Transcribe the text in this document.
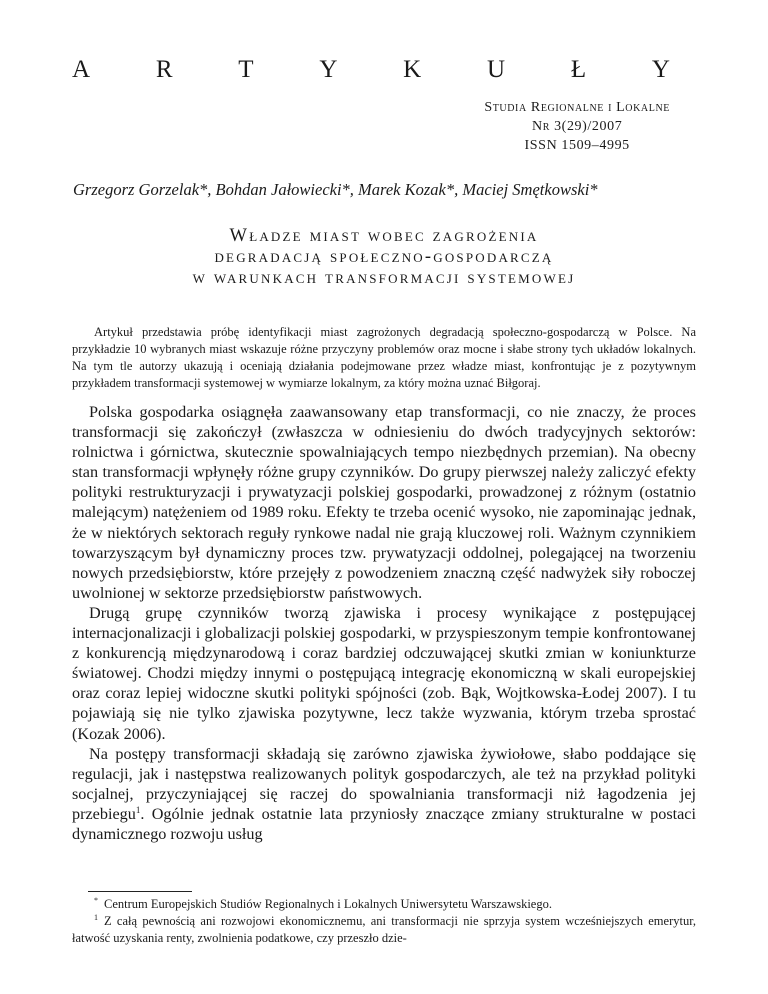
A	R	T	Y	K	U	Ł	Y
Studia Regionalne i Lokalne
Nr 3(29)/2007
ISSN 1509–4995
Grzegorz Gorzelak*, Bohdan Jałowiecki*, Marek Kozak*, Maciej Smętkowski*
Władze miast wobec zagrożenia
degradacją społeczno-gospodarczą
w warunkach transformacji systemowej

Artykuł przedstawia próbę identyfikacji miast zagrożonych degradacją społeczno-gospodarczą w Polsce. Na przykładzie 10 wybranych miast wskazuje różne przyczyny problemów oraz mocne i słabe strony tych układów lokalnych. Na tym tle autorzy ukazują i oceniają działania podejmowane przez władze miast, konfrontując je z pozytywnym przykładem transformacji systemowej w wymiarze lokalnym, za który można uznać Biłgoraj.

Polska gospodarka osiągnęła zaawansowany etap transformacji, co nie znaczy, że proces transformacji się zakończył (zwłaszcza w odniesieniu do dwóch tradycyjnych sektorów: rolnictwa i górnictwa, skutecznie spowalniających tempo niezbędnych przemian). Na obecny stan transformacji wpłynęły różne grupy czynników. Do grupy pierwszej należy zaliczyć efekty polityki restrukturyzacji i prywatyzacji polskiej gospodarki, prowadzonej z różnym (ostatnio malejącym) natężeniem od 1989 roku. Efekty te trzeba ocenić wysoko, nie zapominając jednak, że w niektórych sektorach reguły rynkowe nadal nie grają kluczowej roli. Ważnym czynnikiem towarzyszącym był dynamiczny proces tzw. prywatyzacji oddolnej, polegającej na tworzeniu nowych przedsiębiorstw, które przejęły z powodzeniem znaczną część nadwyżek siły roboczej uwolnionej w sektorze przedsiębiorstw państwowych.

Drugą grupę czynników tworzą zjawiska i procesy wynikające z postępującej internacjonalizacji i globalizacji polskiej gospodarki, w przyspieszonym tempie konfrontowanej z konkurencją międzynarodową i coraz bardziej odczuwającej skutki zmian w koniunkturze światowej. Chodzi między innymi o postępującą integrację ekonomiczną w skali europejskiej oraz coraz lepiej widoczne skutki polityki spójności (zob. Bąk, Wojtkowska-Łodej 2007). I tu pojawiają się nie tylko zjawiska pozytywne, lecz także wyzwania, którym trzeba sprostać (Kozak 2006).

Na postępy transformacji składają się zarówno zjawiska żywiołowe, słabo poddające się regulacji, jak i następstwa realizowanych polityk gospodarczych, ale też na przykład polityki socjalnej, przyczyniającej się raczej do spowalniania transformacji niż łagodzenia jej przebiegu$^1$. Ogólnie jednak ostatnie lata przyniosły znaczące zmiany strukturalne w postaci dynamicznego rozwoju usług

* Centrum Europejskich Studiów Regionalnych i Lokalnych Uniwersytetu Warszawskiego.

$^1$ Z całą pewnością ani rozwojowi ekonomicznemu, ani transformacji nie sprzyja system wcześniejszych emerytur, łatwość uzyskania renty, zwolnienia podatkowe, czy przeszło dzie-
